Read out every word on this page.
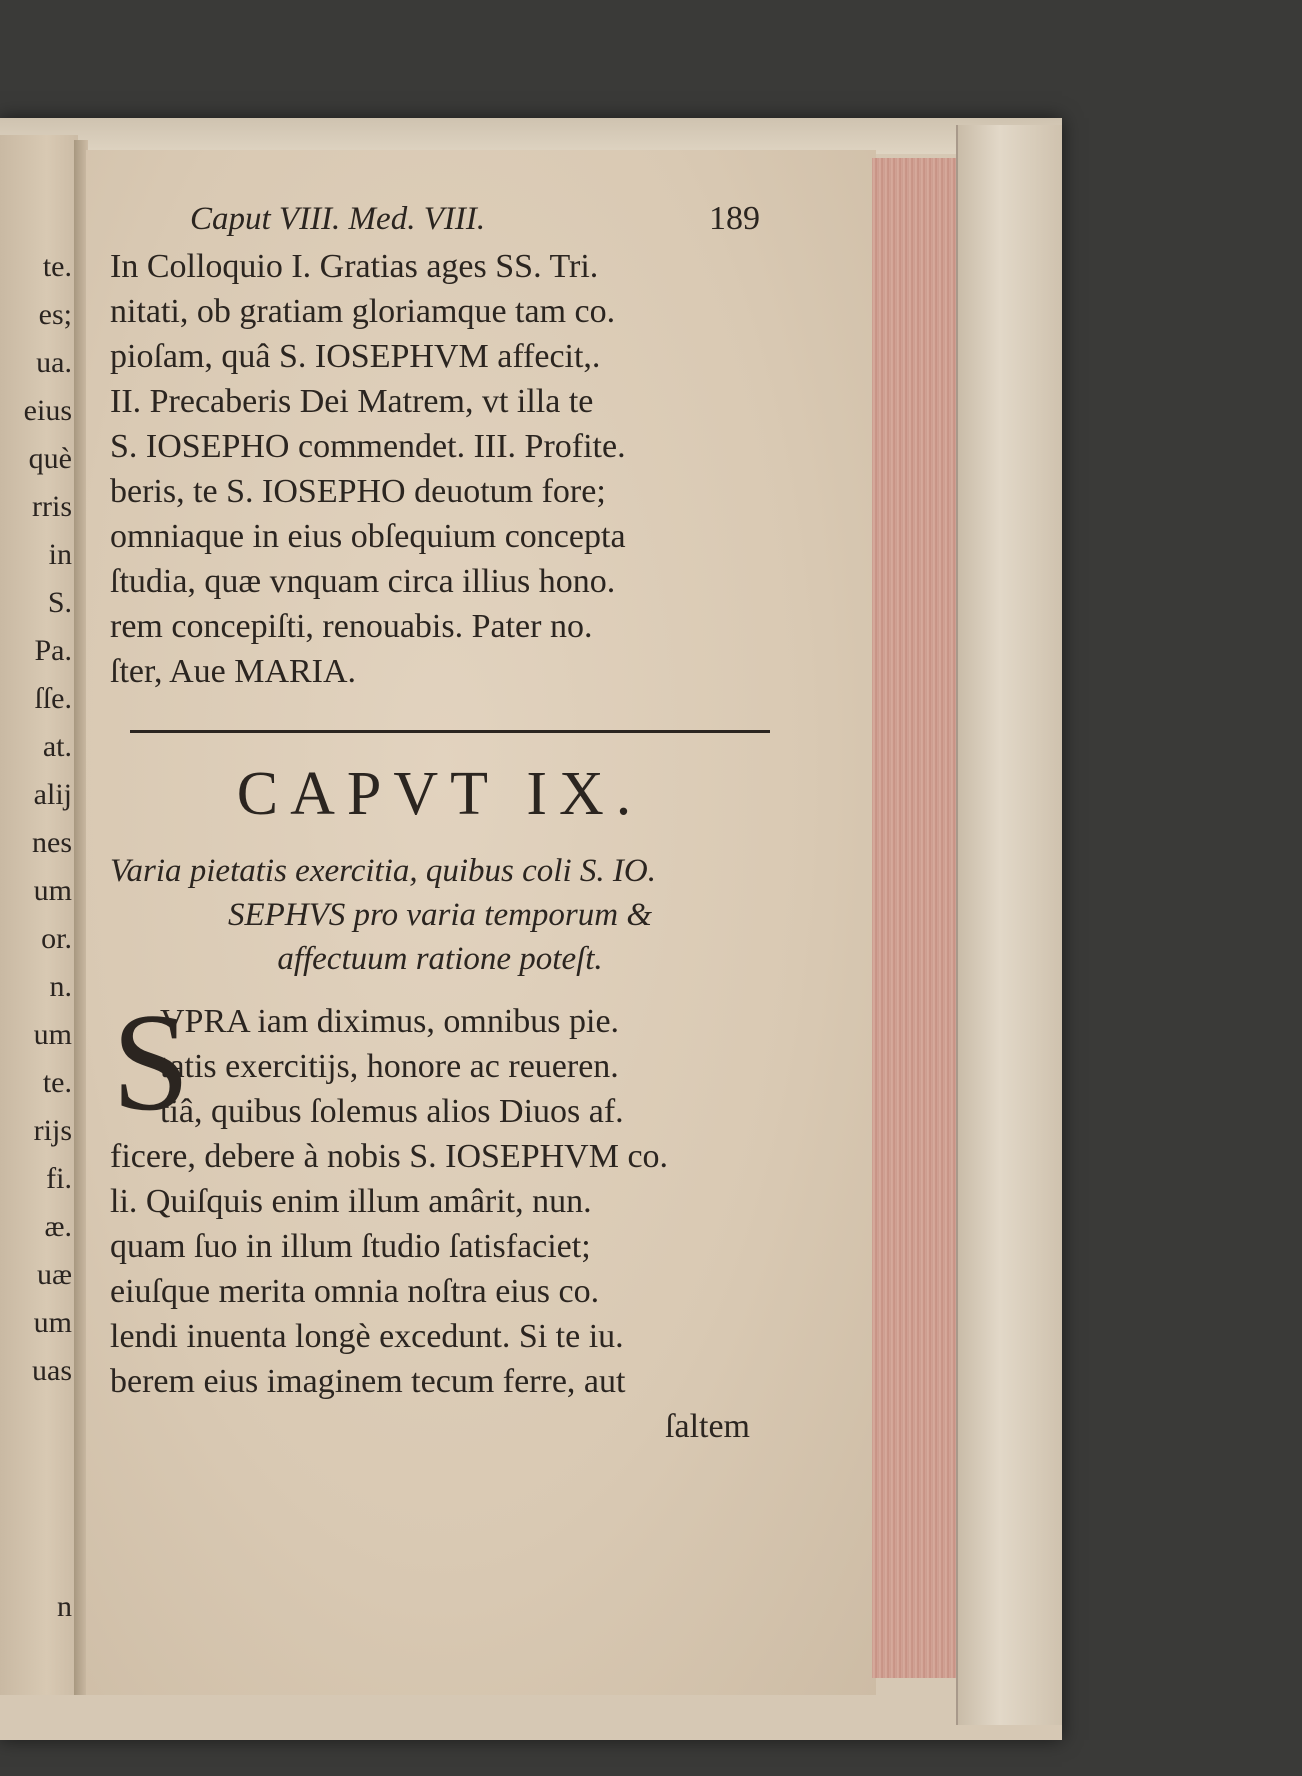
te.
es;
ua.
eius
què
rris
in
S.
Pa.
ſſe.
at.
alij
nes
um
or.
n.
um
te.
rijs
fi.
æ.
uæ
um
uas
n
Caput VIII. Med. VIII.	189
In Colloquio I. Gratias ages SS. Tri.
nitati, ob gratiam gloriamque tam co.
pioſam, quâ S. IOSEPHVM affecit,.
II. Precaberis Dei Matrem, vt illa te
S. IOSEPHO commendet. III. Profite.
beris, te S. IOSEPHO deuotum fore;
omniaque in eius obſequium concepta
ſtudia, quæ vnquam circa illius hono.
rem concepiſti, renouabis. Pater no.
ſter, Aue MARIA.
CAPVT IX.
Varia pietatis exercitia, quibus coli S. IO.
SEPHVS pro varia temporum &
affectuum ratione poteſt.
S
VPRA iam diximus, omnibus pie.
tatis exercitijs, honore ac reueren.
tiâ, quibus ſolemus alios Diuos af.
ficere, debere à nobis S. IOSEPHVM co.
li. Quiſquis enim illum amârit, nun.
quam ſuo in illum ſtudio ſatisfaciet;
eiuſque merita omnia noſtra eius co.
lendi inuenta longè excedunt. Si te iu.
berem eius imaginem tecum ferre, aut
ſaltem
